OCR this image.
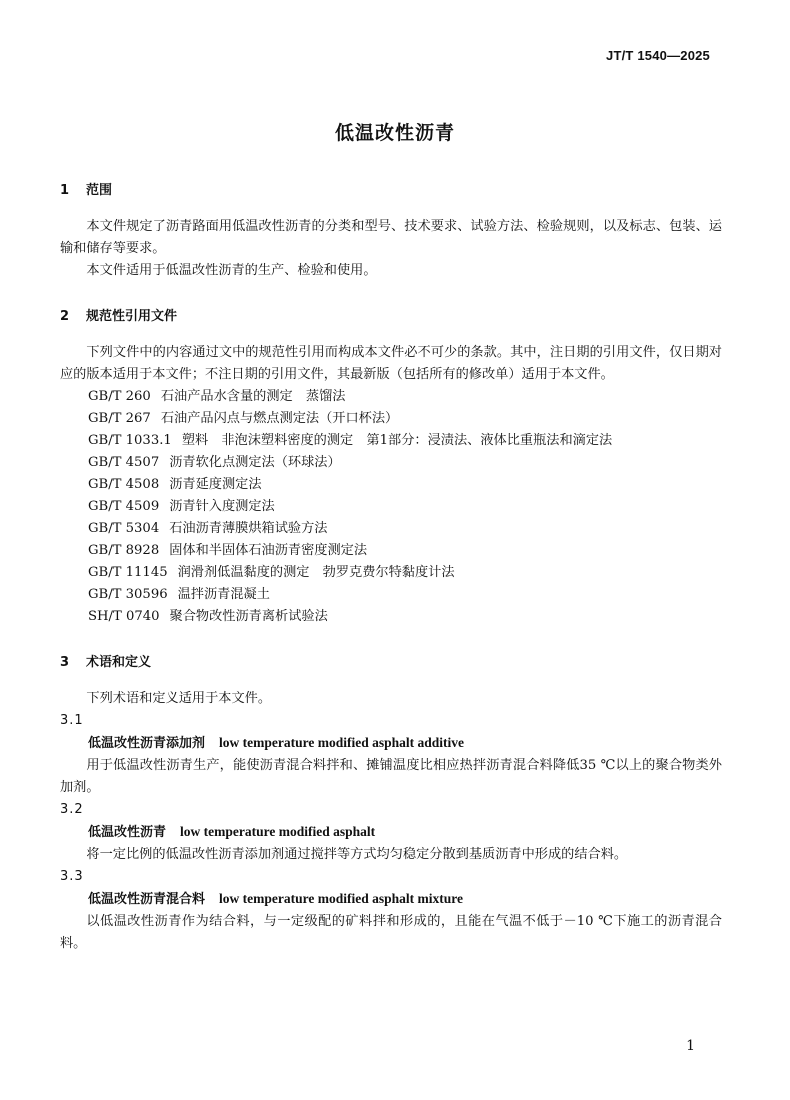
JT/T 1540—2025
低温改性沥青

1 范围

本文件规定了沥青路面用低温改性沥青的分类和型号、技术要求、试验方法、检验规则，以及标志、包装、运输和储存等要求。

本文件适用于低温改性沥青的生产、检验和使用。

2 规范性引用文件

下列文件中的内容通过文中的规范性引用而构成本文件必不可少的条款。其中，注日期的引用文件，仅日期对应的版本适用于本文件；不注日期的引用文件，其最新版（包括所有的修改单）适用于本文件。

GB/T 260 石油产品水含量的测定　蒸馏法

GB/T 267 石油产品闪点与燃点测定法（开口杯法）

GB/T 1033.1 塑料　非泡沫塑料密度的测定　第1部分：浸渍法、液体比重瓶法和滴定法

GB/T 4507 沥青软化点测定法（环球法）

GB/T 4508 沥青延度测定法

GB/T 4509 沥青针入度测定法

GB/T 5304 石油沥青薄膜烘箱试验方法

GB/T 8928 固体和半固体石油沥青密度测定法

GB/T 11145 润滑剂低温黏度的测定　勃罗克费尔特黏度计法

GB/T 30596 温拌沥青混凝土

SH/T 0740 聚合物改性沥青离析试验法

3 术语和定义

下列术语和定义适用于本文件。

3.1

低温改性沥青添加剂 low temperature modified asphalt additive

用于低温改性沥青生产，能使沥青混合料拌和、摊铺温度比相应热拌沥青混合料降低35 ℃以上的聚合物类外加剂。

3.2

低温改性沥青 low temperature modified asphalt

将一定比例的低温改性沥青添加剂通过搅拌等方式均匀稳定分散到基质沥青中形成的结合料。

3.3

低温改性沥青混合料 low temperature modified asphalt mixture

以低温改性沥青作为结合料，与一定级配的矿料拌和形成的，且能在气温不低于－10 ℃下施工的沥青混合料。

1
